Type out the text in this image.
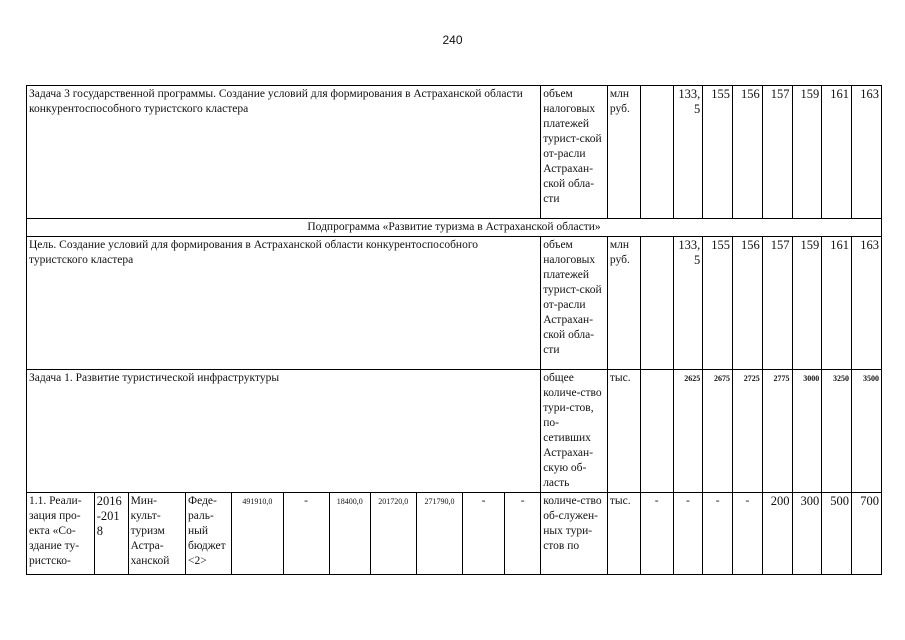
240
Задача 3 государственной программы. Создание условий для формирования в Астраханской области конкурентоспособного туристского кластера											объем налоговых платежей турист-ской от-расли Астрахан-ской обла-сти	млн руб.		133,5	155	156	157	159	161	163
Подпрограмма «Развитие туризма в Астраханской области»																				
Цель. Создание условий для формирования в Астраханской области конкурентоспособного туристского кластера											объем налоговых платежей турист-ской от-расли Астрахан-ской обла-сти	млн руб.		133,5	155	156	157	159	161	163
Задача 1. Развитие туристической инфраструктуры											общее количе-ство тури-стов, по-сетивших Астрахан-скую об-ласть	тыс.		2625	2675	2725	2775	3000	3250	3500
1.1. Реали-зация про-екта «Со-здание ту-ристско-	2016-2018	Мин-культ-туризм Астра-ханской	Феде-раль-ный бюджет <2>	491910,0	-	18400,0	201720,0	271790,0	-	-	количе-ство об-служен-ных тури-стов по	тыс.	-	-	-	-	200	300	500	700
